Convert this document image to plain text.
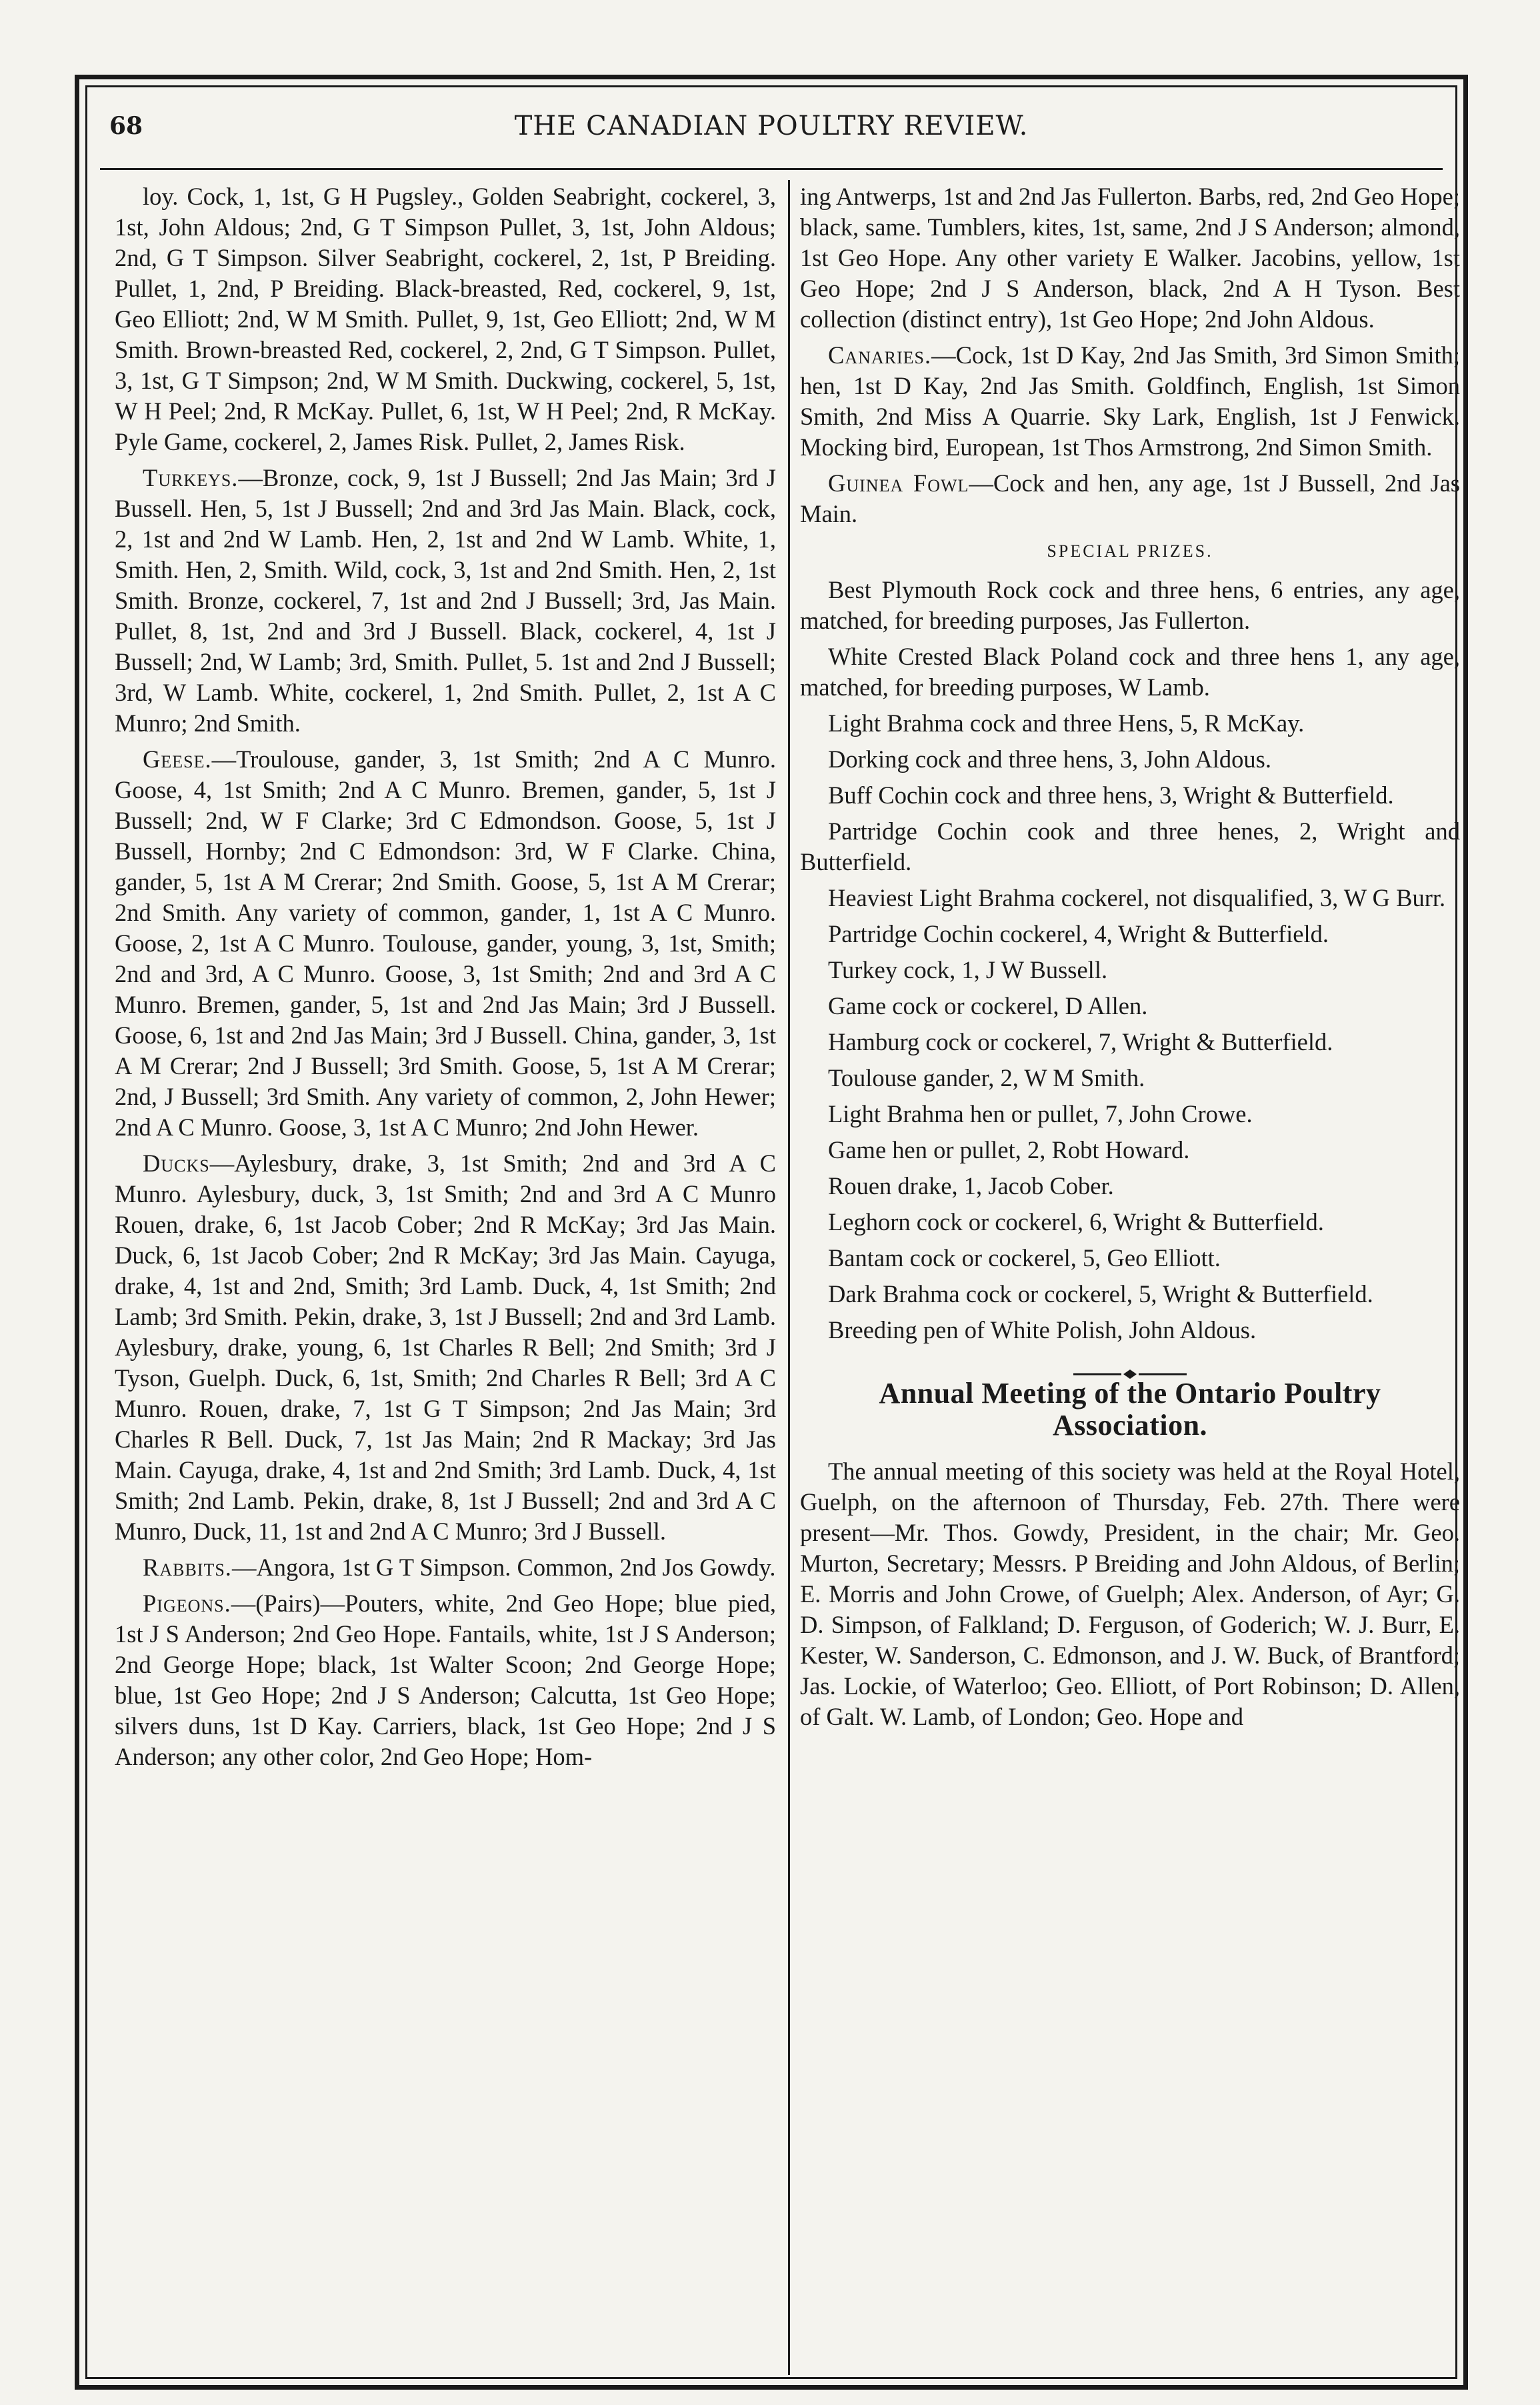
68	THE CANADIAN POULTRY REVIEW.

loy. Cock, 1, 1st, G H Pugsley., Golden Seabright, cockerel, 3, 1st, John Aldous; 2nd, G T Simpson Pullet, 3, 1st, John Aldous; 2nd, G T Simpson. Silver Seabright, cockerel, 2, 1st, P Breiding. Pullet, 1, 2nd, P Breiding. Black-breasted, Red, cockerel, 9, 1st, Geo Elliott; 2nd, W M Smith. Pullet, 9, 1st, Geo Elliott; 2nd, W M Smith. Brown-breasted Red, cockerel, 2, 2nd, G T Simpson. Pullet, 3, 1st, G T Simpson; 2nd, W M Smith. Duckwing, cockerel, 5, 1st, W H Peel; 2nd, R McKay. Pullet, 6, 1st, W H Peel; 2nd, R McKay. Pyle Game, cockerel, 2, James Risk. Pullet, 2, James Risk.

Turkeys.—Bronze, cock, 9, 1st J Bussell; 2nd Jas Main; 3rd J Bussell. Hen, 5, 1st J Bussell; 2nd and 3rd Jas Main. Black, cock, 2, 1st and 2nd W Lamb. Hen, 2, 1st and 2nd W Lamb. White, 1, Smith. Hen, 2, Smith. Wild, cock, 3, 1st and 2nd Smith. Hen, 2, 1st Smith. Bronze, cockerel, 7, 1st and 2nd J Bussell; 3rd, Jas Main. Pullet, 8, 1st, 2nd and 3rd J Bussell. Black, cockerel, 4, 1st J Bussell; 2nd, W Lamb; 3rd, Smith. Pullet, 5. 1st and 2nd J Bussell; 3rd, W Lamb. White, cockerel, 1, 2nd Smith. Pullet, 2, 1st A C Munro; 2nd Smith.

Geese.—Troulouse, gander, 3, 1st Smith; 2nd A C Munro. Goose, 4, 1st Smith; 2nd A C Munro. Bremen, gander, 5, 1st J Bussell; 2nd, W F Clarke; 3rd C Edmondson. Goose, 5, 1st J Bussell, Hornby; 2nd C Edmondson: 3rd, W F Clarke. China, gander, 5, 1st A M Crerar; 2nd Smith. Goose, 5, 1st A M Crerar; 2nd Smith. Any variety of common, gander, 1, 1st A C Munro. Goose, 2, 1st A C Munro. Toulouse, gander, young, 3, 1st, Smith; 2nd and 3rd, A C Munro. Goose, 3, 1st Smith; 2nd and 3rd A C Munro. Bremen, gander, 5, 1st and 2nd Jas Main; 3rd J Bussell. Goose, 6, 1st and 2nd Jas Main; 3rd J Bussell. China, gander, 3, 1st A M Crerar; 2nd J Bussell; 3rd Smith. Goose, 5, 1st A M Crerar; 2nd, J Bussell; 3rd Smith. Any variety of common, 2, John Hewer; 2nd A C Munro. Goose, 3, 1st A C Munro; 2nd John Hewer.

Ducks—Aylesbury, drake, 3, 1st Smith; 2nd and 3rd A C Munro. Aylesbury, duck, 3, 1st Smith; 2nd and 3rd A C Munro Rouen, drake, 6, 1st Jacob Cober; 2nd R McKay; 3rd Jas Main. Duck, 6, 1st Jacob Cober; 2nd R McKay; 3rd Jas Main. Cayuga, drake, 4, 1st and 2nd, Smith; 3rd Lamb. Duck, 4, 1st Smith; 2nd Lamb; 3rd Smith. Pekin, drake, 3, 1st J Bussell; 2nd and 3rd Lamb. Aylesbury, drake, young, 6, 1st Charles R Bell; 2nd Smith; 3rd J Tyson, Guelph. Duck, 6, 1st, Smith; 2nd Charles R Bell; 3rd A C Munro. Rouen, drake, 7, 1st G T Simpson; 2nd Jas Main; 3rd Charles R Bell. Duck, 7, 1st Jas Main; 2nd R Mackay; 3rd Jas Main. Cayuga, drake, 4, 1st and 2nd Smith; 3rd Lamb. Duck, 4, 1st Smith; 2nd Lamb. Pekin, drake, 8, 1st J Bussell; 2nd and 3rd A C Munro, Duck, 11, 1st and 2nd A C Munro; 3rd J Bussell.

Rabbits.—Angora, 1st G T Simpson. Common, 2nd Jos Gowdy.

Pigeons.—(Pairs)—Pouters, white, 2nd Geo Hope; blue pied, 1st J S Anderson; 2nd Geo Hope. Fantails, white, 1st J S Anderson; 2nd George Hope; black, 1st Walter Scoon; 2nd George Hope; blue, 1st Geo Hope; 2nd J S Anderson; Calcutta, 1st Geo Hope; silvers duns, 1st D Kay. Carriers, black, 1st Geo Hope; 2nd J S Anderson; any other color, 2nd Geo Hope; Hom-

ing Antwerps, 1st and 2nd Jas Fullerton. Barbs, red, 2nd Geo Hope; black, same. Tumblers, kites, 1st, same, 2nd J S Anderson; almond, 1st Geo Hope. Any other variety E Walker. Jacobins, yellow, 1st Geo Hope; 2nd J S Anderson, black, 2nd A H Tyson. Best collection (distinct entry), 1st Geo Hope; 2nd John Aldous.

Canaries.—Cock, 1st D Kay, 2nd Jas Smith, 3rd Simon Smith; hen, 1st D Kay, 2nd Jas Smith. Goldfinch, English, 1st Simon Smith, 2nd Miss A Quarrie. Sky Lark, English, 1st J Fenwick. Mocking bird, European, 1st Thos Armstrong, 2nd Simon Smith.

Guinea Fowl—Cock and hen, any age, 1st J Bussell, 2nd Jas Main.

SPECIAL PRIZES.

Best Plymouth Rock cock and three hens, 6 entries, any age, matched, for breeding purposes, Jas Fullerton.

White Crested Black Poland cock and three hens 1, any age, matched, for breeding purposes, W Lamb.

Light Brahma cock and three Hens, 5, R McKay.

Dorking cock and three hens, 3, John Aldous.

Buff Cochin cock and three hens, 3, Wright & Butterfield.

Partridge Cochin cook and three henes, 2, Wright and Butterfield.

Heaviest Light Brahma cockerel, not disqualified, 3, W G Burr.

Partridge Cochin cockerel, 4, Wright & Butterfield.

Turkey cock, 1, J W Bussell.

Game cock or cockerel, D Allen.

Hamburg cock or cockerel, 7, Wright & Butterfield.

Toulouse gander, 2, W M Smith.

Light Brahma hen or pullet, 7, John Crowe.

Game hen or pullet, 2, Robt Howard.

Rouen drake, 1, Jacob Cober.

Leghorn cock or cockerel, 6, Wright & Butterfield.

Bantam cock or cockerel, 5, Geo Elliott.

Dark Brahma cock or cockerel, 5, Wright & Butterfield.

Breeding pen of White Polish, John Aldous.

Annual Meeting of the Ontario Poultry
Association.

The annual meeting of this society was held at the Royal Hotel, Guelph, on the afternoon of Thursday, Feb. 27th. There were present—Mr. Thos. Gowdy, President, in the chair; Mr. Geo. Murton, Secretary; Messrs. P Breiding and John Aldous, of Berlin; E. Morris and John Crowe, of Guelph; Alex. Anderson, of Ayr; G. D. Simpson, of Falkland; D. Ferguson, of Goderich; W. J. Burr, E. Kester, W. Sanderson, C. Edmonson, and J. W. Buck, of Brantford; Jas. Lockie, of Waterloo; Geo. Elliott, of Port Robinson; D. Allen, of Galt. W. Lamb, of London; Geo. Hope and
